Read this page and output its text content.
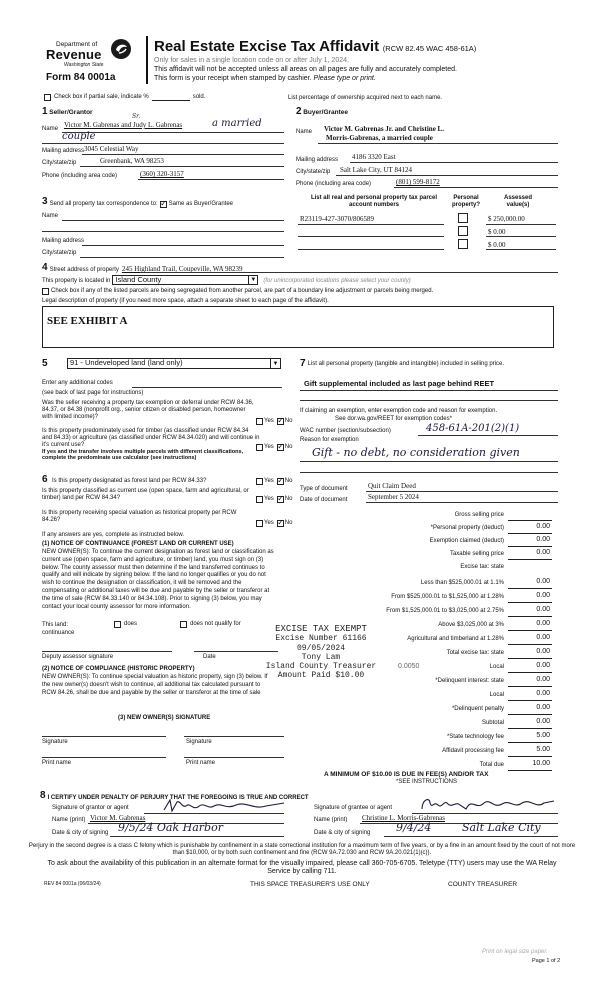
Department of
Revenue
Washington State
Form 84 0001a
Real Estate Excise Tax Affidavit (RCW 82.45 WAC 458-61A)
Only for sales in a single location code on or after July 1, 2024.
This affidavit will not be accepted unless all areas on all pages are fully and accurately completed.
This form is your receipt when stamped by cashier. Please type or print.
Check box if partial sale, indicate %	sold.	List percentage of ownership acquired next to each name.
1 Seller/Grantor
Name Victor M. Gabrenas and Judy L. Gabrenas
Sr.
a married
couple
Mailing address 3045 Celestial Way
City/state/zip	Greenbank, WA 98253
Phone (including area code)	(360) 320-3157
2 Buyer/Grantee
Name Victor M. Gabrenas Jr. and Christine L.
Morris-Gabrenas, a married couple
Mailing address 4186 3320 East
City/state/zip Salt Lake City, UT 84124
Phone (including area code)	(801) 599-8172
3 Send all property tax correspondence to: ✓ Same as Buyer/Grantee
Name
Mailing address
City/state/zip
List all real and personal property tax parcel account numbers
Personal property?
Assessed value(s)
R23119-427-3070/806589	$ 250,000.00
$ 0.00
$ 0.00
4 Street address of property 245 Highland Trail, Coupeville, WA 98239
This property is located in Island County	▼ (for unincorporated locations please select your county)
Check box if any of the listed parcels are being segregated from another parcel, are part of a boundary line adjustment or parcels being merged.
Legal description of property (if you need more space, attach a separate sheet to each page of the affidavit).
SEE EXHIBIT A
5	91 - Undeveloped land (land only)	▼
Enter any additional codes
(see back of last page for instructions)
Was the seller receiving a property tax exemption or deferral under RCW 84.36, 84.37, or 84.38 (nonprofit org., senior citizen or disabled person, homeowner with limited income)?
Yes ✓ No
Is this property predominately used for timber (as classified under RCW 84.34 and 84.33) or agriculture (as classified under RCW 84.34.020) and will continue in it's current use?
If yes and the transfer involves multiple parcels with different classifications, complete the predominate use calculator (see instructions)
Yes ✓ No
6 Is this property designated as forest land per RCW 84.33?	Yes ✓ No
Is this property classified as current use (open space, farm and agricultural, or timber) land per RCW 84.34?	Yes ✓ No
Is this property receiving special valuation as historical property per RCW 84.26?
Yes ✓ No
If any answers are yes, complete as instructed below.
(1) NOTICE OF CONTINUANCE (FOREST LAND OR CURRENT USE)
NEW OWNER(S): To continue the current designation as forest land or classification as current use (open space, farm and agriculture, or timber) land, you must sign on (3) below. The county assessor must then determine if the land transferred continues to qualify and will indicate by signing below. If the land no longer qualifies or you do not wish to continue the designation or classification, it will be removed and the compensating or additional taxes will be due and payable by the seller or transferor at the time of sale (RCW 84.33.140 or 84.34.108). Prior to signing (3) below, you may contact your local county assessor for more information.
This land:
continuance
does	does not qualify for
Deputy assessor signature	Date
(2) NOTICE OF COMPLIANCE (HISTORIC PROPERTY)
NEW OWNER(S): To continue special valuation as historic property, sign (3) below. If the new owner(s) doesn't wish to continue, all additional tax calculated pursuant to RCW 84.26, shall be due and payable by the seller or transferor at the time of sale
(3) NEW OWNER(S) SIGNATURE
Signature	Signature
Print name	Print name
EXCISE TAX EXEMPT
Excise Number 61166
09/05/2024
Tony Lam
Island County Treasurer
Amount Paid $10.00
7 List all personal property (tangible and intangible) included in selling price.
Gift supplemental included as last page behind REET
If claiming an exemption, enter exemption code and reason for exemption.
See dor.wa.gov/REET for exemption codes*
WAC number (section/subsection)	458-61A-201(2)(1)
Reason for exemption
Gift - no debt, no consideration given
Type of document	Quit Claim Deed
Date of document	September 5 2024
Gross selling price
*Personal property (deduct)	0.00
Exemption claimed (deduct)	0.00
Taxable selling price	0.00
Excise tax: state
Less than $525,000.01 at 1.1%	0.00
From $525,000.01 to $1,525,000 at 1.28%	0.00
From $1,525,000.01 to $3,025,000 at 2.75%	0.00
Above $3,025,000 at 3%	0.00
Agricultural and timberland at 1.28%	0.00
Total excise tax: state	0.00
0.0050	Local	0.00
*Delinquent interest: state	0.00
Local	0.00
*Delinquent penalty	0.00
Subtotal	0.00
*State technology fee	5.00
Affidavit processing fee	5.00
Total due	10.00
A MINIMUM OF $10.00 IS DUE IN FEE(S) AND/OR TAX
*SEE INSTRUCTIONS
8 I CERTIFY UNDER PENALTY OF PERJURY THAT THE FOREGOING IS TRUE AND CORRECT
Signature of grantor or agent
Name (print) Victor M. Gabrenas
Date & city of signing 9/5/24 Oak Harbor
Signature of grantee or agent
Name (print) Christine L. Morris-Gabrenas
Date & city of signing 9/4/24	Salt Lake City
Perjury in the second degree is a class C felony which is punishable by confinement in a state correctional institution for a maximum term of five years, or by a fine in an amount fixed by the court of not more than $10,000, or by both such confinement and fine (RCW 9A.72.030 and RCW 9A.20.021(1)(c)).
To ask about the availability of this publication in an alternate format for the visually impaired, please call 360-705-6705. Teletype (TTY) users may use the WA Relay Service by calling 711.
REV 84 0001a (06/03/24)	THIS SPACE TREASURER'S USE ONLY	COUNTY TREASURER
Print on legal size paper.
Page 1 of 2
